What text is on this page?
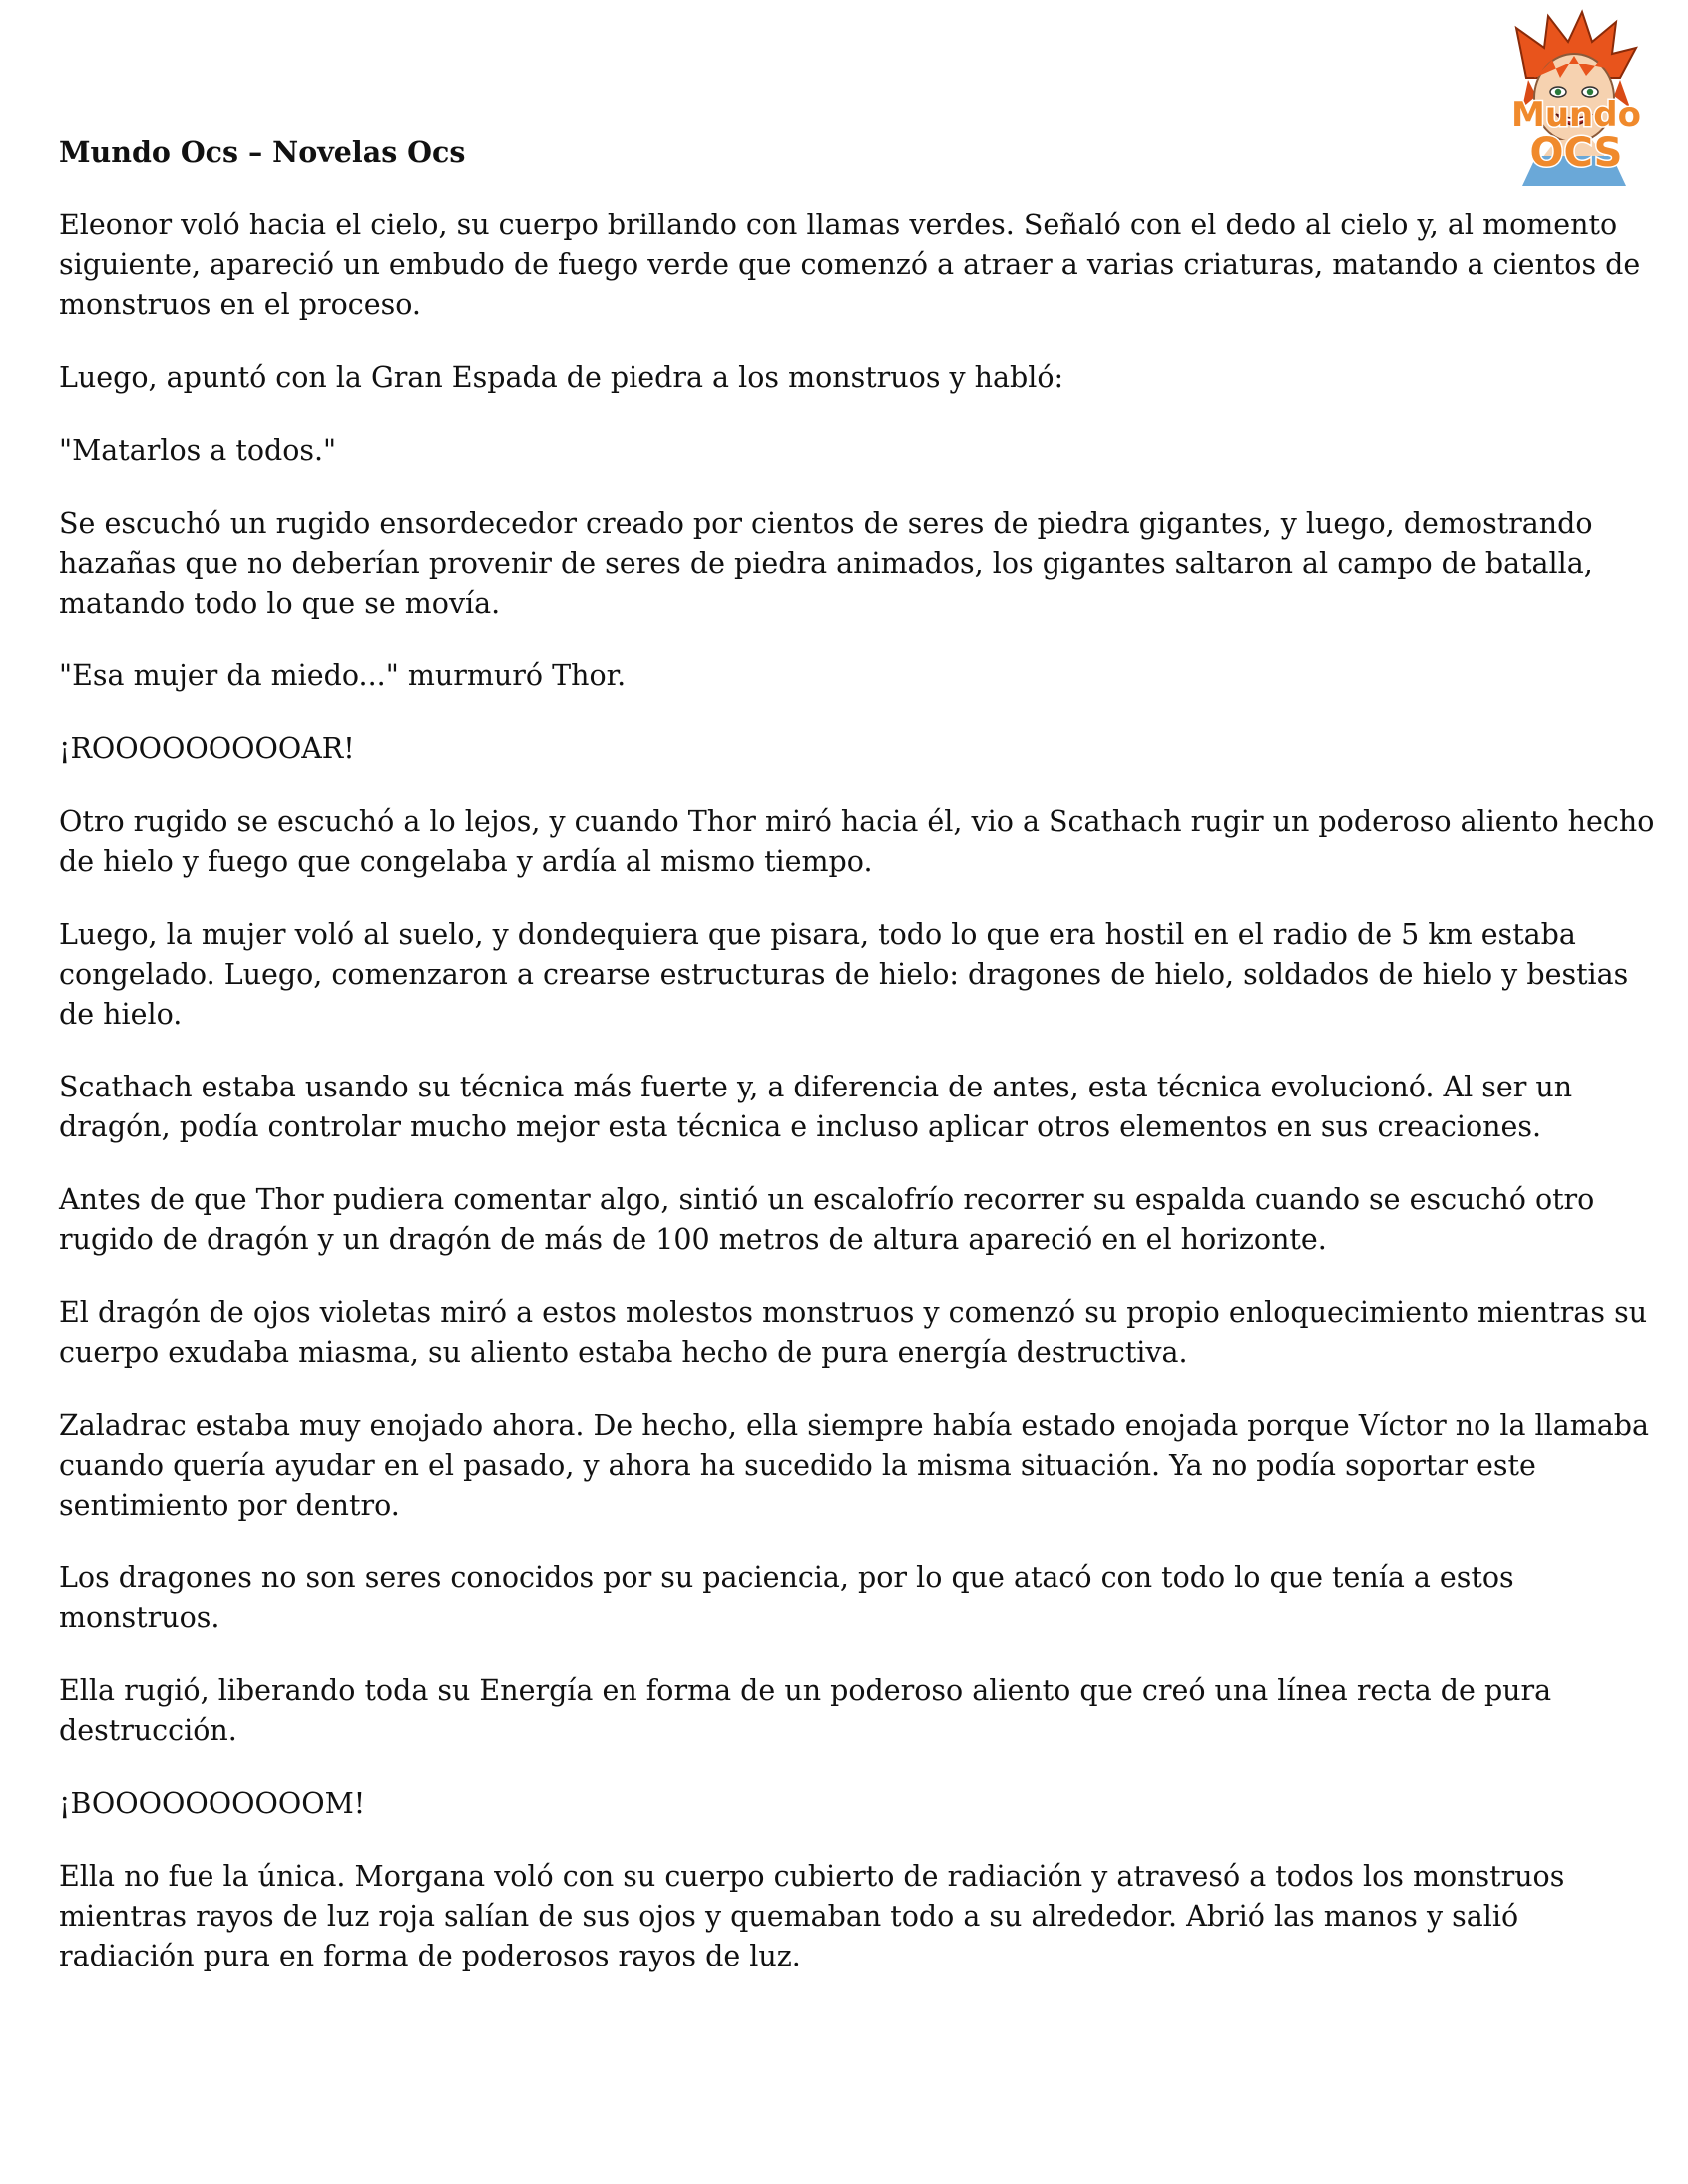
Mundo Ocs – Novelas Ocs
Mundo
OCS

Eleonor voló hacia el cielo, su cuerpo brillando con llamas verdes. Señaló con el dedo al cielo y, al momento siguiente, apareció un embudo de fuego verde que comenzó a atraer a varias criaturas, matando a cientos de monstruos en el proceso.

Luego, apuntó con la Gran Espada de piedra a los monstruos y habló:

"Matarlos a todos."

Se escuchó un rugido ensordecedor creado por cientos de seres de piedra gigantes, y luego, demostrando hazañas que no deberían provenir de seres de piedra animados, los gigantes saltaron al campo de batalla, matando todo lo que se movía.

"Esa mujer da miedo..." murmuró Thor.

¡ROOOOOOOOOAR!

Otro rugido se escuchó a lo lejos, y cuando Thor miró hacia él, vio a Scathach rugir un poderoso aliento hecho de hielo y fuego que congelaba y ardía al mismo tiempo.

Luego, la mujer voló al suelo, y dondequiera que pisara, todo lo que era hostil en el radio de 5 km estaba congelado. Luego, comenzaron a crearse estructuras de hielo: dragones de hielo, soldados de hielo y bestias de hielo.

Scathach estaba usando su técnica más fuerte y, a diferencia de antes, esta técnica evolucionó. Al ser un dragón, podía controlar mucho mejor esta técnica e incluso aplicar otros elementos en sus creaciones.

Antes de que Thor pudiera comentar algo, sintió un escalofrío recorrer su espalda cuando se escuchó otro rugido de dragón y un dragón de más de 100 metros de altura apareció en el horizonte.

El dragón de ojos violetas miró a estos molestos monstruos y comenzó su propio enloquecimiento mientras su cuerpo exudaba miasma, su aliento estaba hecho de pura energía destructiva.

Zaladrac estaba muy enojado ahora. De hecho, ella siempre había estado enojada porque Víctor no la llamaba cuando quería ayudar en el pasado, y ahora ha sucedido la misma situación. Ya no podía soportar este sentimiento por dentro.

Los dragones no son seres conocidos por su paciencia, por lo que atacó con todo lo que tenía a estos monstruos.

Ella rugió, liberando toda su Energía en forma de un poderoso aliento que creó una línea recta de pura destrucción.

¡BOOOOOOOOOOM!

Ella no fue la única. Morgana voló con su cuerpo cubierto de radiación y atravesó a todos los monstruos mientras rayos de luz roja salían de sus ojos y quemaban todo a su alrededor. Abrió las manos y salió radiación pura en forma de poderosos rayos de luz.
